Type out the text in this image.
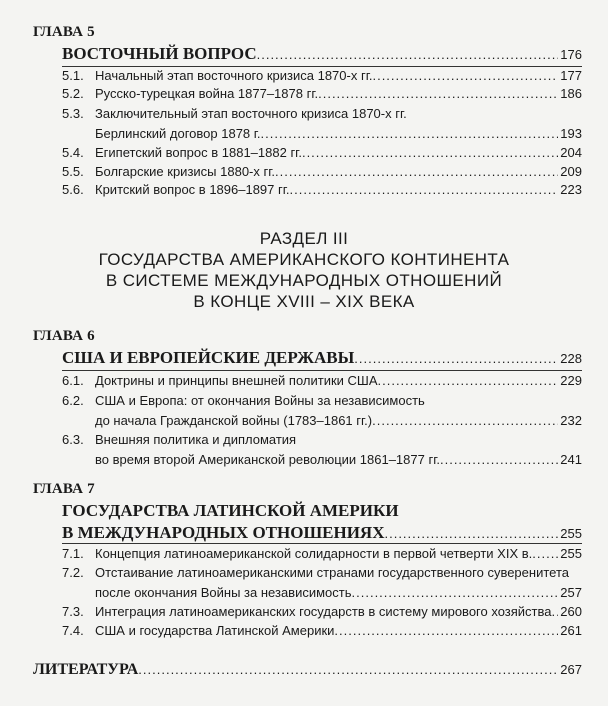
ГЛАВА 5
ВОСТОЧНЫЙ ВОПРОС .....	176
5.1. Начальный этап восточного кризиса 1870-х гг. .....	177
5.2. Русско-турецкая война 1877–1878 гг. .....	186
5.3. Заключительный этап восточного кризиса 1870-х гг.
Берлинский договор 1878 г. .....	193
5.4. Египетский вопрос в 1881–1882 гг. .....	204
5.5. Болгарские кризисы 1880-х гг. .....	209
5.6. Критский вопрос в 1896–1897 гг. .....	223
РАЗДЕЛ III
ГОСУДАРСТВА АМЕРИКАНСКОГО КОНТИНЕНТА
В СИСТЕМЕ МЕЖДУНАРОДНЫХ ОТНОШЕНИЙ
В КОНЦЕ XVIII – XIX ВЕКА
ГЛАВА 6
США И ЕВРОПЕЙСКИЕ ДЕРЖАВЫ .....	228
6.1. Доктрины и принципы внешней политики США .....	229
6.2. США и Европа: от окончания Войны за независимость
до начала Гражданской войны (1783–1861 гг.) .....	232
6.3. Внешняя политика и дипломатия
во время второй Американской революции 1861–1877 гг. .....	241
ГЛАВА 7
ГОСУДАРСТВА ЛАТИНСКОЙ АМЕРИКИ
В МЕЖДУНАРОДНЫХ ОТНОШЕНИЯХ .....	255
7.1. Концепция латиноамериканской солидарности в первой четверти XIX в. ..... 255
7.2. Отстаивание латиноамериканскими странами государственного суверенитета
после окончания Войны за независимость .....	257
7.3. Интеграция латиноамериканских государств в систему мирового хозяйства ..... 260
7.4. США и государства Латинской Америки .....	261
ЛИТЕРАТУРА .....	267
